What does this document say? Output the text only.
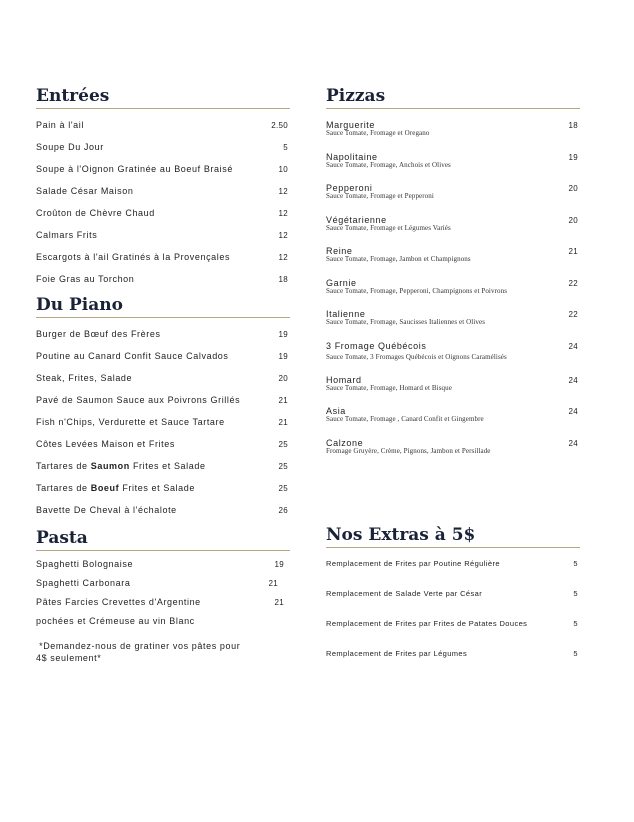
Entrées
Pain à l'ail	2.50
Soupe Du Jour	5
Soupe à l'Oignon Gratinée au Boeuf Braisé	10
Salade César Maison	12
Croûton de Chèvre Chaud	12
Calmars Frits	12
Escargots à l'ail Gratinés à la Provençales	12
Foie Gras au Torchon	18
Du Piano
Burger de Bœuf des Frères	19
Poutine au Canard Confit Sauce Calvados	19
Steak, Frites, Salade	20
Pavé de Saumon Sauce aux Poivrons Grillés	21
Fish n'Chips, Verdurette et Sauce Tartare	21
Côtes Levées Maison et Frites	25
Tartares de Saumon Frites et Salade	25
Tartares de Boeuf Frites et Salade	25
Bavette De Cheval à l'échalote	26
Pasta
Spaghetti Bolognaise	19
Spaghetti Carbonara	21
Pâtes Farcies Crevettes d'Argentine	21
pochées et Crémeuse au vin Blanc
*Demandez-nous de gratiner vos pâtes pour
4$ seulement*
Pizzas
Marguerite	18
Sauce Tomate, Fromage et Oregano
Napolitaine	19
Sauce Tomate, Fromage, Anchois et Olives
Pepperoni	20
Sauce Tomate, Fromage et Pepperoni
Végétarienne	20
Sauce Tomate, Fromage et Légumes Variés
Reine	21
Sauce Tomate, Fromage, Jambon et Champignons
Garnie	22
Sauce Tomate, Fromage, Pepperoni, Champignons et Poivrons
Italienne	22
Sauce Tomate, Fromage, Saucisses Italiennes et Olives
3 Fromage Québécois	24
Sauce Tomate, 3 Fromages Québécois et Oignons Caramélisés
Homard	24
Sauce Tomate, Fromage, Homard et Bisque
Asia	24
Sauce Tomate, Fromage , Canard Confit et Gingembre
Calzone	24
Fromage Gruyère, Crème, Pignons, Jambon et Persillade
Nos Extras à 5$
Remplacement de Frites par Poutine Régulière	5
Remplacement de Salade Verte par César	5
Remplacement de Frites par Frites de Patates Douces	5
Remplacement de Frites par Légumes	5
